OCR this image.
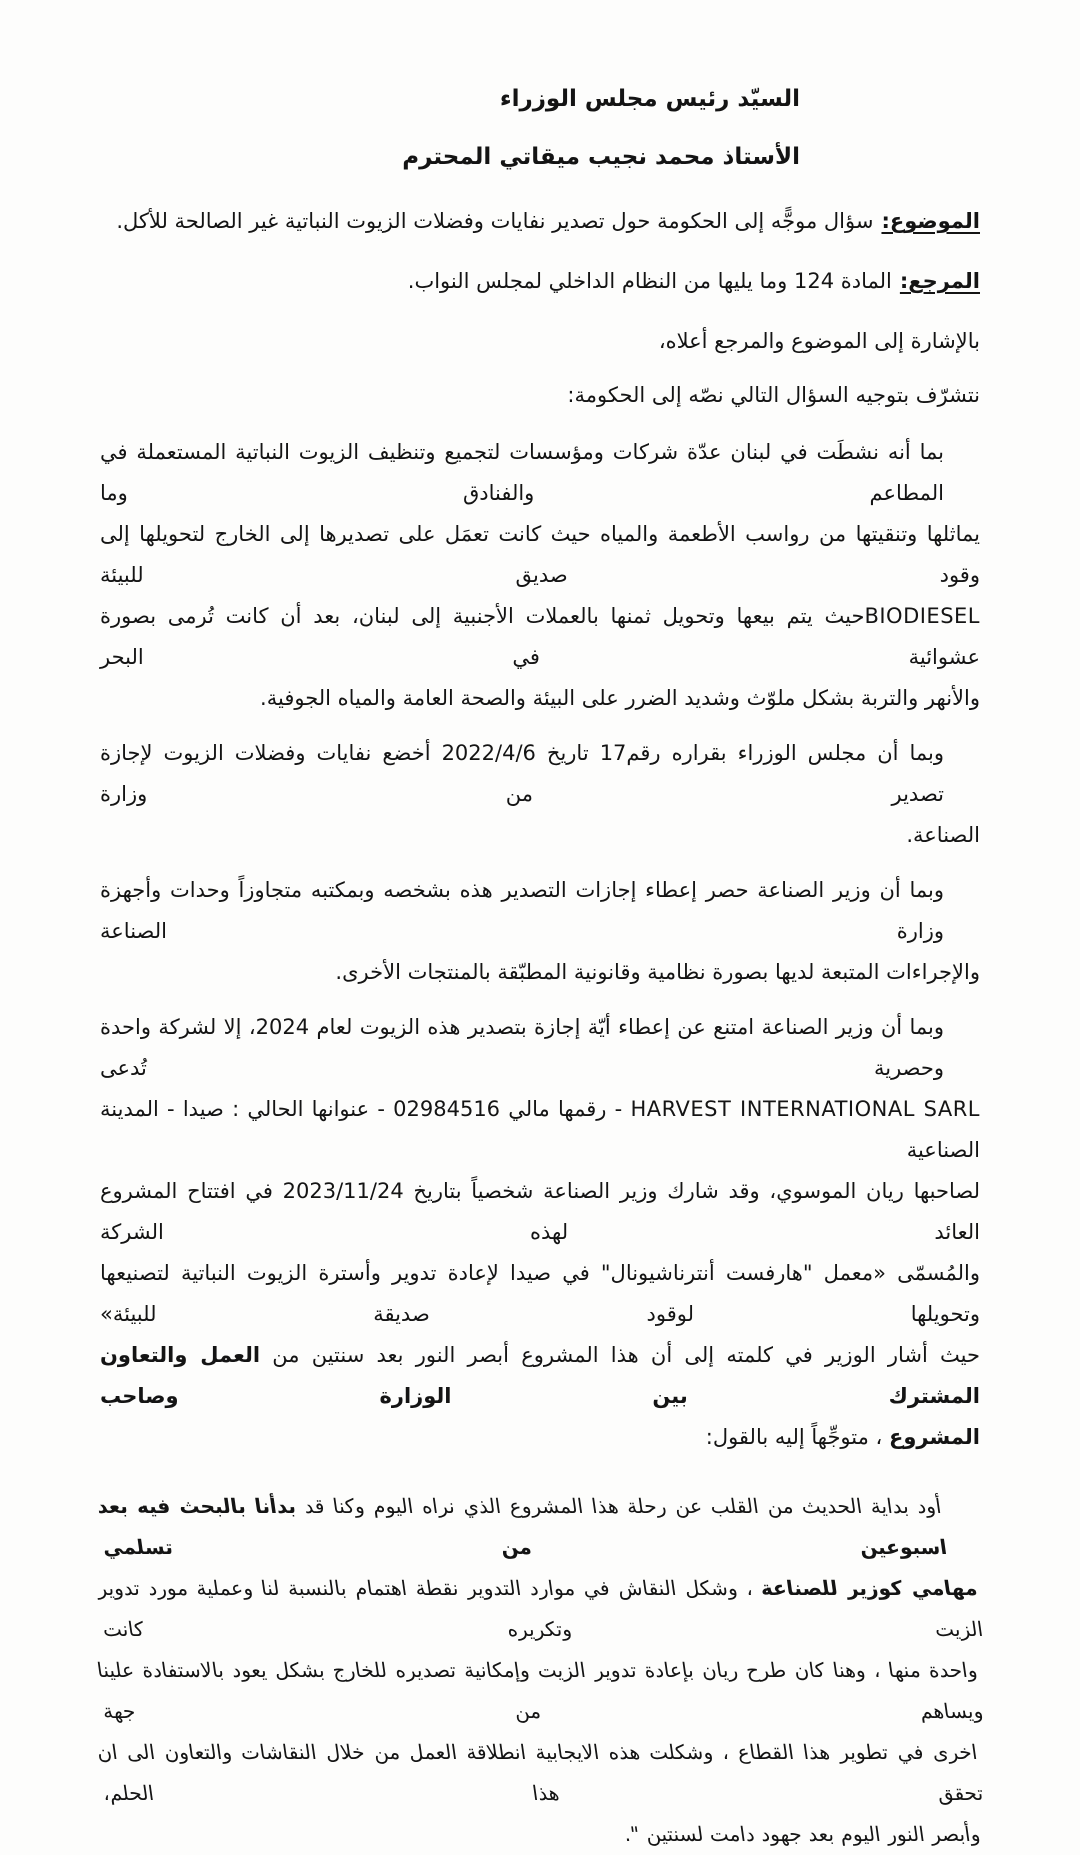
السيّد رئيس مجلس الوزراء
الأستاذ محمد نجيب ميقاتي المحترم
الموضوع:سؤال موجًّه إلى الحكومة حول تصدير نفايات وفضلات الزيوت النباتية غير الصالحة للأكل.
المرجع:المادة 124 وما يليها من النظام الداخلي لمجلس النواب.
بالإشارة إلى الموضوع والمرجع أعلاه،
نتشرّف بتوجيه السؤال التالي نصّه إلى الحكومة:
بما أنه نشطَت في لبنان عدّة شركات ومؤسسات لتجميع وتنظيف الزيوت النباتية المستعملة في المطاعم والفنادق وما
يماثلها وتنقيتها من رواسب الأطعمة والمياه حيث كانت تعمَل على تصديرها إلى الخارج لتحويلها إلى وقود صديق للبيئة
BIODIESELحيث يتم بيعها وتحويل ثمنها بالعملات الأجنبية إلى لبنان، بعد أن كانت تُرمى بصورة عشوائية في البحر
والأنهر والتربة بشكل ملوّث وشديد الضرر على البيئة والصحة العامة والمياه الجوفية.
وبما أن مجلس الوزراء بقراره رقم17 تاريخ 2022/4/6 أخضع نفايات وفضلات الزيوت لإجازة تصدير من وزارة
الصناعة.
وبما أن وزير الصناعة حصر إعطاء إجازات التصدير هذه بشخصه وبمكتبه متجاوزاً وحدات وأجهزة وزارة الصناعة
والإجراءات المتبعة لديها بصورة نظامية وقانونية المطبّقة بالمنتجات الأخرى.
وبما أن وزير الصناعة امتنع عن إعطاء أيّة إجازة بتصدير هذه الزيوت لعام 2024، إلا لشركة واحدة وحصرية تُدعى
HARVEST INTERNATIONAL SARL - رقمها مالي 02984516 - عنوانها الحالي : صيدا - المدينة الصناعية
لصاحبها ريان الموسوي، وقد شارك وزير الصناعة شخصياً بتاريخ 2023/11/24 في افتتاح المشروع العائد لهذه الشركة
والمُسمّى «معمل "هارفست أنترناشيونال" في صيدا لإعادة تدوير وأسترة الزيوت النباتية لتصنيعها وتحويلها لوقود صديقة للبيئة»
حيث أشار الوزير في كلمته إلى أن هذا المشروع أبصر النور بعد سنتين من العمل والتعاون المشترك بين الوزارة وصاحب
المشروع ، متوجِّهاً إليه بالقول:
أود بداية الحديث من القلب عن رحلة هذا المشروع الذي نراه اليوم وكنا قد بدأنا بالبحث فيه بعد اسبوعين من تسلمي
مهامي كوزير للصناعة ، وشكل النقاش في موارد التدوير نقطة اهتمام بالنسبة لنا وعملية مورد تدوير الزيت وتكريره كانت
واحدة منها ، وهنا كان طرح ريان بإعادة تدوير الزيت وإمكانية تصديره للخارج بشكل يعود بالاستفادة علينا ويساهم من جهة
اخرى في تطوير هذا القطاع ، وشكلت هذه الايجابية انطلاقة العمل من خلال النقاشات والتعاون الى ان تحقق هذا الحلم،
وأبصر النور اليوم بعد جهود دامت لسنتين ".
